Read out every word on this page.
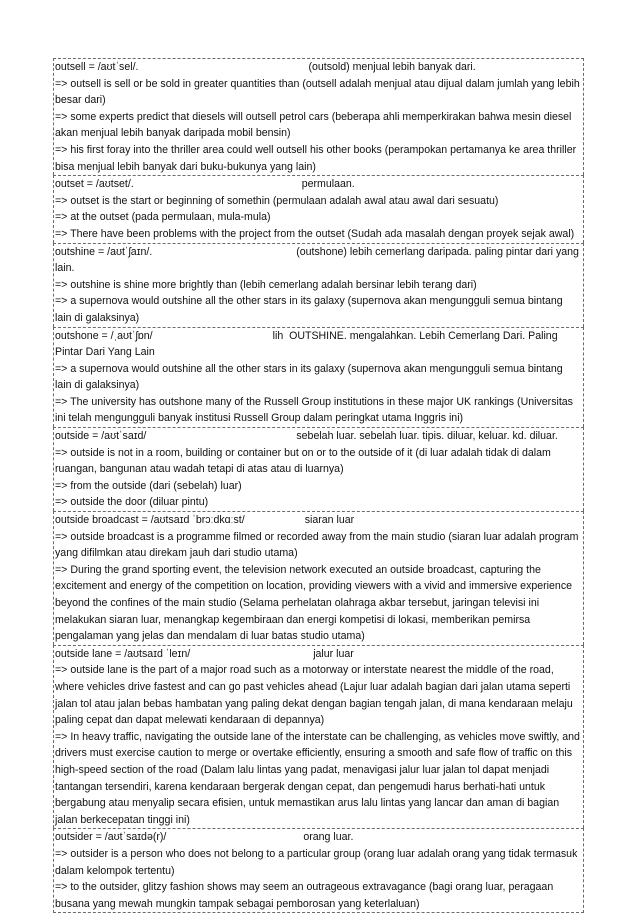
outsell = /aʊtˈsel/.	(outsold) menjual lebih banyak dari.
=> outsell is sell or be sold in greater quantities than (outsell adalah menjual atau dijual dalam jumlah yang lebih besar dari)
=> some experts predict that diesels will outsell petrol cars (beberapa ahli memperkirakan bahwa mesin diesel akan menjual lebih banyak daripada mobil bensin)
=> his first foray into the thriller area could well outsell his other books (perampokan pertamanya ke area thriller bisa menjual lebih banyak dari buku-bukunya yang lain)
outset = /aʊtset/.	permulaan.
=> outset is the start or beginning of somethin (permulaan adalah awal atau awal dari sesuatu)
=> at the outset (pada permulaan, mula-mula)
=> There have been problems with the project from the outset (Sudah ada masalah dengan proyek sejak awal)
outshine = /aʊtˈʃaɪn/.	(outshone) lebih cemerlang daripada. paling pintar dari yang lain.
=> outshine is shine more brightly than (lebih cemerlang adalah bersinar lebih terang dari)
=> a supernova would outshine all the other stars in its galaxy (supernova akan mengungguli semua bintang lain di galaksinya)
outshone = /ˌaʊtˈʃɒn/	lih  OUTSHINE. mengalahkan. Lebih Cemerlang Dari. Paling Pintar Dari Yang Lain
=> a supernova would outshine all the other stars in its galaxy (supernova akan mengungguli semua bintang lain di galaksinya)
=> The university has outshone many of the Russell Group institutions in these major UK rankings (Universitas ini telah mengungguli banyak institusi Russell Group dalam peringkat utama Inggris ini)
outside = /aʊtˈsaɪd/	sebelah luar. sebelah luar. tipis. diluar, keluar. kd. diluar.
=> outside is not in a room, building or container but on or to the outside of it (di luar adalah tidak di dalam ruangan, bangunan atau wadah tetapi di atas atau di luarnya)
=> from the outside (dari (sebelah) luar)
=> outside the door (diluar pintu)
outside broadcast = /aʊtsaɪd ˈbrɔːdkɑːst/	siaran luar
=> outside broadcast is a programme filmed or recorded away from the main studio (siaran luar adalah program yang difilmkan atau direkam jauh dari studio utama)
=> During the grand sporting event, the television network executed an outside broadcast, capturing the excitement and energy of the competition on location, providing viewers with a vivid and immersive experience beyond the confines of the main studio (Selama perhelatan olahraga akbar tersebut, jaringan televisi ini melakukan siaran luar, menangkap kegembiraan dan energi kompetisi di lokasi, memberikan pemirsa pengalaman yang jelas dan mendalam di luar batas studio utama)
outside lane = /aʊtsaɪd ˈleɪn/	jalur luar
=> outside lane is the part of a major road such as a motorway or interstate nearest the middle of the road, where vehicles drive fastest and can go past vehicles ahead (Lajur luar adalah bagian dari jalan utama seperti jalan tol atau jalan bebas hambatan yang paling dekat dengan bagian tengah jalan, di mana kendaraan melaju paling cepat dan dapat melewati kendaraan di depannya)
=> In heavy traffic, navigating the outside lane of the interstate can be challenging, as vehicles move swiftly, and drivers must exercise caution to merge or overtake efficiently, ensuring a smooth and safe flow of traffic on this high-speed section of the road (Dalam lalu lintas yang padat, menavigasi jalur luar jalan tol dapat menjadi tantangan tersendiri, karena kendaraan bergerak dengan cepat, dan pengemudi harus berhati-hati untuk bergabung atau menyalip secara efisien, untuk memastikan arus lalu lintas yang lancar dan aman di bagian jalan berkecepatan tinggi ini)
outsider = /aʊtˈsaɪdə(r)/	orang luar.
=> outsider is a person who does not belong to a particular group (orang luar adalah orang yang tidak termasuk dalam kelompok tertentu)
=> to the outsider, glitzy fashion shows may seem an outrageous extravagance (bagi orang luar, peragaan busana yang mewah mungkin tampak sebagai pemborosan yang keterlaluan)
